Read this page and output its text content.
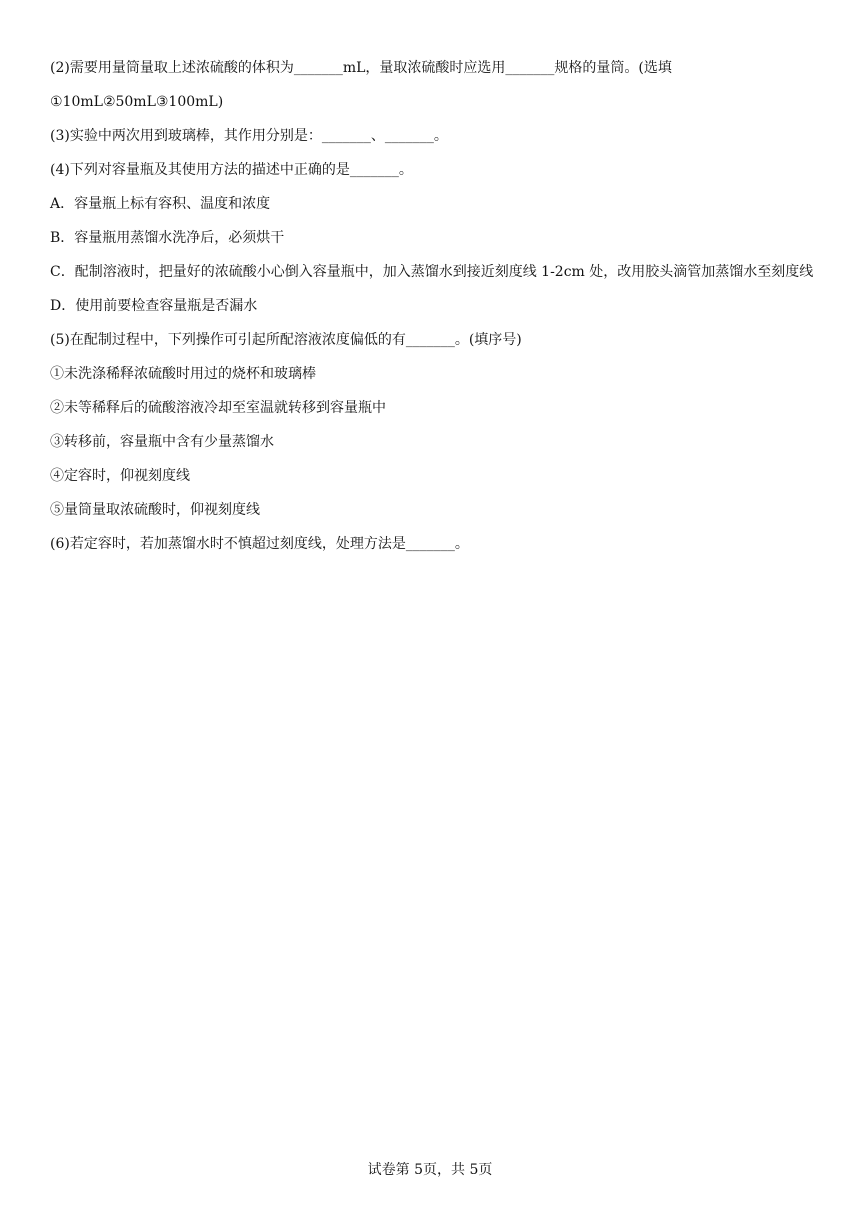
(2)需要用量筒量取上述浓硫酸的体积为_______mL，量取浓硫酸时应选用_______规格的量筒。(选填
①10mL②50mL③100mL)
(3)实验中两次用到玻璃棒，其作用分别是：_______、_______。
(4)下列对容量瓶及其使用方法的描述中正确的是_______。
A．容量瓶上标有容积、温度和浓度
B．容量瓶用蒸馏水洗净后，必须烘干
C．配制溶液时，把量好的浓硫酸小心倒入容量瓶中，加入蒸馏水到接近刻度线 1-2cm 处，改用胶头滴管加蒸馏水至刻度线
D．使用前要检查容量瓶是否漏水
(5)在配制过程中，下列操作可引起所配溶液浓度偏低的有_______。(填序号)
①未洗涤稀释浓硫酸时用过的烧杯和玻璃棒
②未等稀释后的硫酸溶液冷却至室温就转移到容量瓶中
③转移前，容量瓶中含有少量蒸馏水
④定容时，仰视刻度线
⑤量筒量取浓硫酸时，仰视刻度线
(6)若定容时，若加蒸馏水时不慎超过刻度线，处理方法是_______。
试卷第 5页，共 5页
